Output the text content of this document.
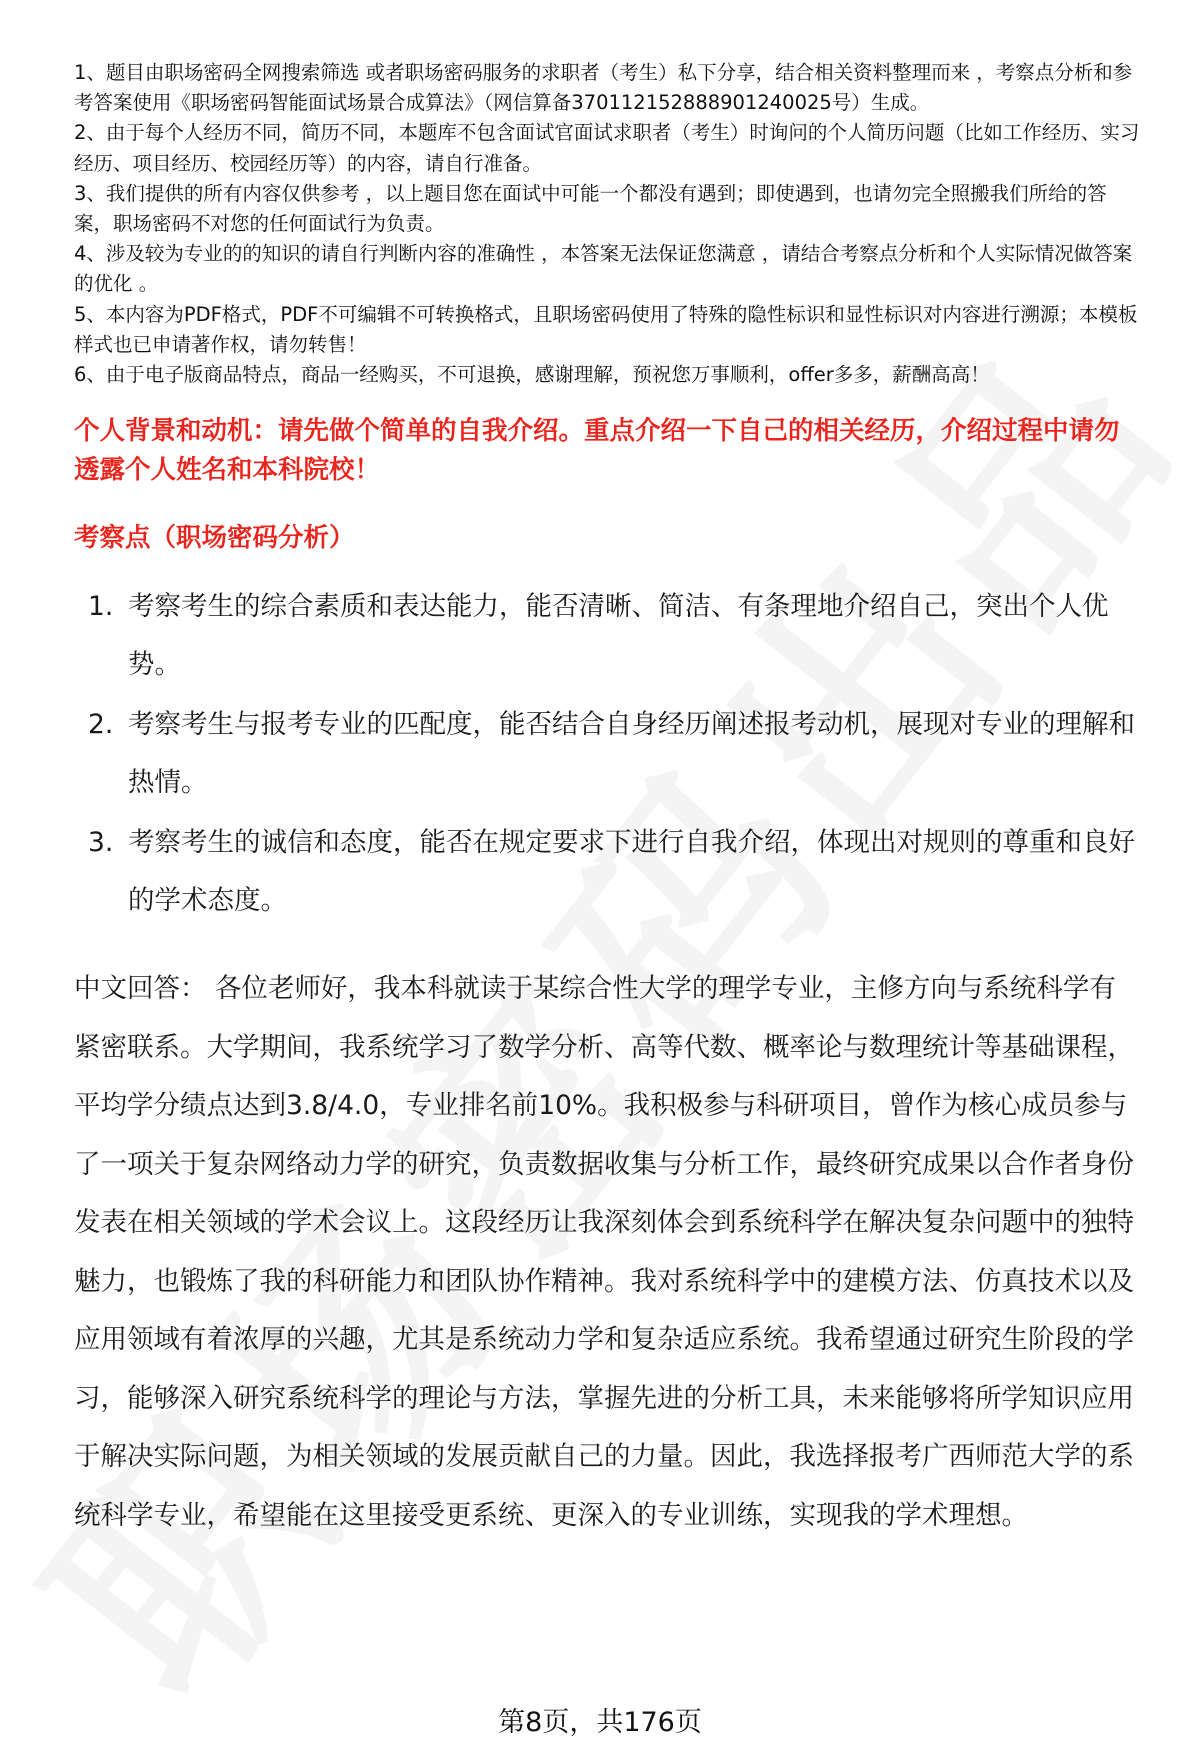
1、题目由职场密码全网搜索筛选 或者职场密码服务的求职者（考生）私下分享，结合相关资料整理而来 ，考察点分析和参考答案使用《职场密码智能面试场景合成算法》（网信算备370112152888901240025号）生成。
2、由于每个人经历不同，简历不同，本题库不包含面试官面试求职者（考生）时询问的个人简历问题（比如工作经历、实习经历、项目经历、校园经历等）的内容，请自行准备。
3、我们提供的所有内容仅供参考 ，以上题目您在面试中可能一个都没有遇到；即使遇到，也请勿完全照搬我们所给的答案，职场密码不对您的任何面试行为负责。
4、涉及较为专业的的知识的请自行判断内容的准确性 ，本答案无法保证您满意 ，请结合考察点分析和个人实际情况做答案的优化 。
5、本内容为PDF格式，PDF不可编辑不可转换格式，且职场密码使用了特殊的隐性标识和显性标识对内容进行溯源；本模板样式也已申请著作权，请勿转售！
6、由于电子版商品特点，商品一经购买，不可退换，感谢理解，预祝您万事顺利，offer多多，薪酬高高！

个人背景和动机：请先做个简单的自我介绍。重点介绍一下自己的相关经历，介绍过程中请勿透露个人姓名和本科院校！

考察点（职场密码分析）

1. 考察考生的综合素质和表达能力，能否清晰、简洁、有条理地介绍自己，突出个人优势。
2. 考察考生与报考专业的匹配度，能否结合自身经历阐述报考动机，展现对专业的理解和热情。
3. 考察考生的诚信和态度，能否在规定要求下进行自我介绍，体现出对规则的尊重和良好的学术态度。

中文回答： 各位老师好，我本科就读于某综合性大学的理学专业，主修方向与系统科学有紧密联系。大学期间，我系统学习了数学分析、高等代数、概率论与数理统计等基础课程，平均学分绩点达到3.8/4.0，专业排名前10%。我积极参与科研项目，曾作为核心成员参与了一项关于复杂网络动力学的研究，负责数据收集与分析工作，最终研究成果以合作者身份发表在相关领域的学术会议上。这段经历让我深刻体会到系统科学在解决复杂问题中的独特魅力，也锻炼了我的科研能力和团队协作精神。我对系统科学中的建模方法、仿真技术以及应用领域有着浓厚的兴趣，尤其是系统动力学和复杂适应系统。我希望通过研究生阶段的学习，能够深入研究系统科学的理论与方法，掌握先进的分析工具，未来能够将所学知识应用于解决实际问题，为相关领域的发展贡献自己的力量。因此，我选择报考广西师范大学的系统科学专业，希望能在这里接受更系统、更深入的专业训练，实现我的学术理想。

第8页，共176页
